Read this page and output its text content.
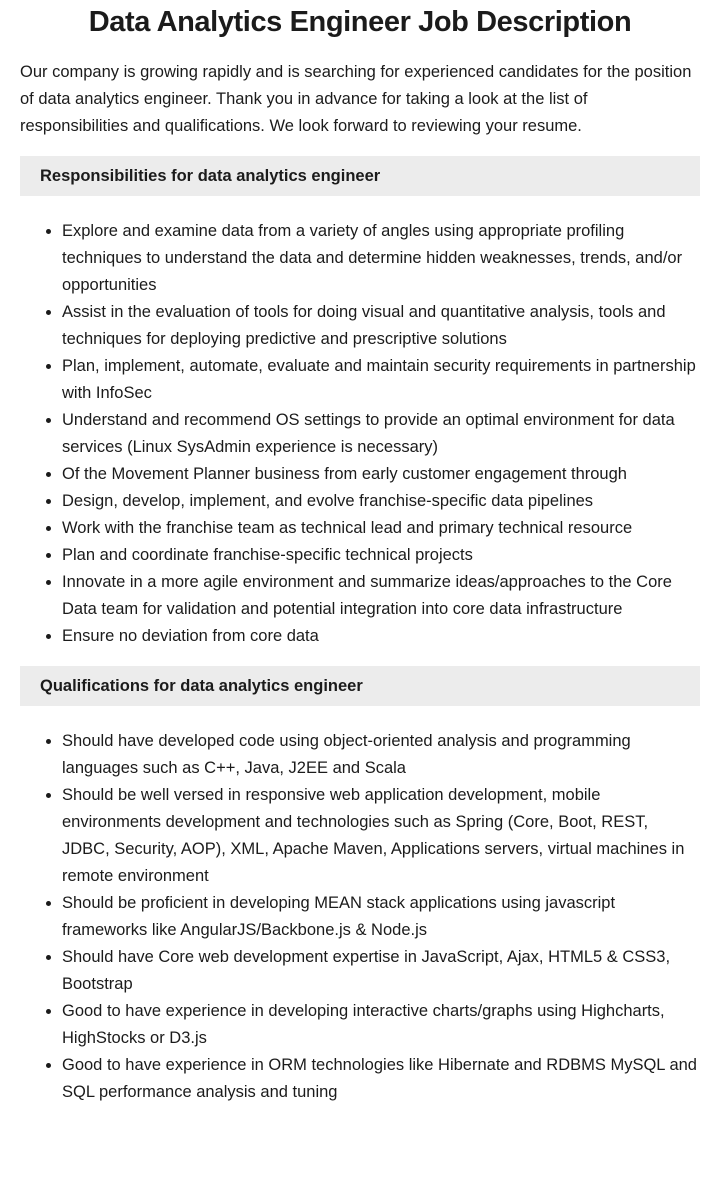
Data Analytics Engineer Job Description

Our company is growing rapidly and is searching for experienced candidates for the position of data analytics engineer. Thank you in advance for taking a look at the list of responsibilities and qualifications. We look forward to reviewing your resume.

Responsibilities for data analytics engineer
Explore and examine data from a variety of angles using appropriate profiling techniques to understand the data and determine hidden weaknesses, trends, and/or opportunities
Assist in the evaluation of tools for doing visual and quantitative analysis, tools and techniques for deploying predictive and prescriptive solutions
Plan, implement, automate, evaluate and maintain security requirements in partnership with InfoSec
Understand and recommend OS settings to provide an optimal environment for data services (Linux SysAdmin experience is necessary)
Of the Movement Planner business from early customer engagement through
Design, develop, implement, and evolve franchise-specific data pipelines
Work with the franchise team as technical lead and primary technical resource
Plan and coordinate franchise-specific technical projects
Innovate in a more agile environment and summarize ideas/approaches to the Core Data team for validation and potential integration into core data infrastructure
Ensure no deviation from core data
Qualifications for data analytics engineer
Should have developed code using object-oriented analysis and programming languages such as C++, Java, J2EE and Scala
Should be well versed in responsive web application development, mobile environments development and technologies such as Spring (Core, Boot, REST, JDBC, Security, AOP), XML, Apache Maven, Applications servers, virtual machines in remote environment
Should be proficient in developing MEAN stack applications using javascript frameworks like AngularJS/Backbone.js & Node.js
Should have Core web development expertise in JavaScript, Ajax, HTML5 & CSS3, Bootstrap
Good to have experience in developing interactive charts/graphs using Highcharts, HighStocks or D3.js
Good to have experience in ORM technologies like Hibernate and RDBMS MySQL and SQL performance analysis and tuning
